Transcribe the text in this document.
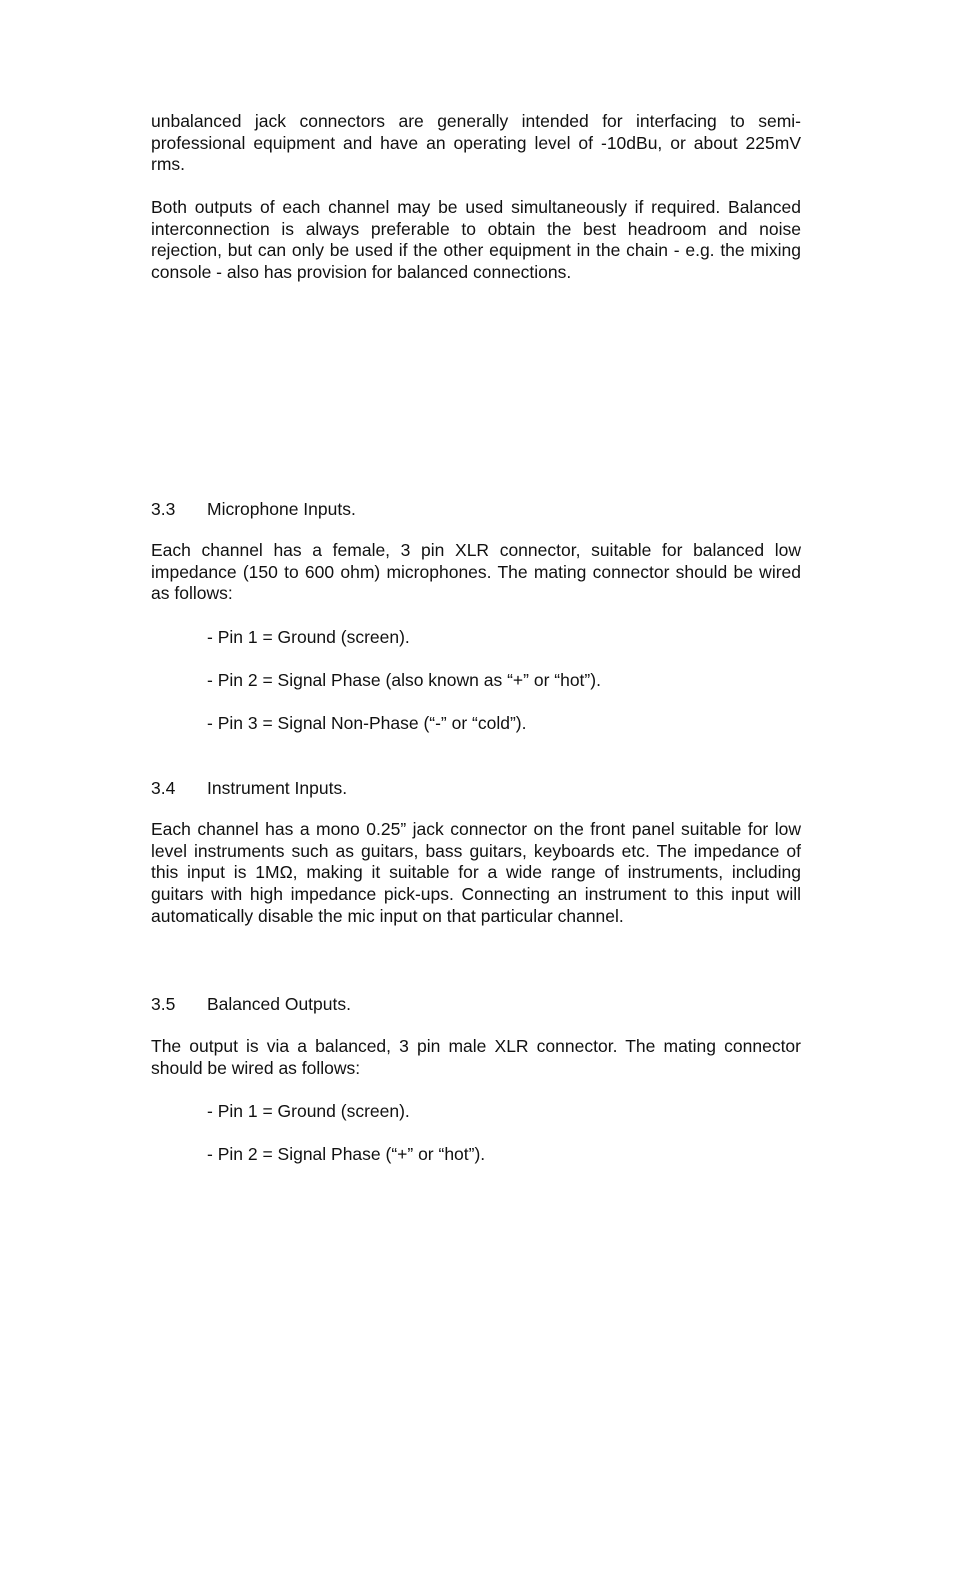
unbalanced jack connectors are generally intended for interfacing to semi-professional equipment and have an operating level of -10dBu, or about 225mV rms.

Both outputs of each channel may be used simultaneously if required. Balanced interconnection is always preferable to obtain the best headroom and noise rejection, but can only be used if the other equipment in the chain - e.g. the mixing console - also has provision for balanced connections.

3.3	Microphone Inputs.

Each channel has a female, 3 pin XLR connector, suitable for balanced low impedance (150 to 600 ohm) microphones. The mating connector should be wired as follows:

- Pin 1 = Ground (screen).

- Pin 2 = Signal Phase (also known as “+” or “hot”).

- Pin 3 = Signal Non-Phase (“-” or “cold”).

3.4	Instrument Inputs.

Each channel has a mono 0.25” jack connector on the front panel suitable for low level instruments such as guitars, bass guitars, keyboards etc. The impedance of this input is 1MΩ, making it suitable for a wide range of instruments, including guitars with high impedance pick-ups. Connecting an instrument to this input will automatically disable the mic input on that particular channel.

3.5	Balanced Outputs.

The output is via a balanced, 3 pin male XLR connector. The mating connector should be wired as follows:

- Pin 1 = Ground (screen).

- Pin 2 = Signal Phase (“+” or “hot”).
